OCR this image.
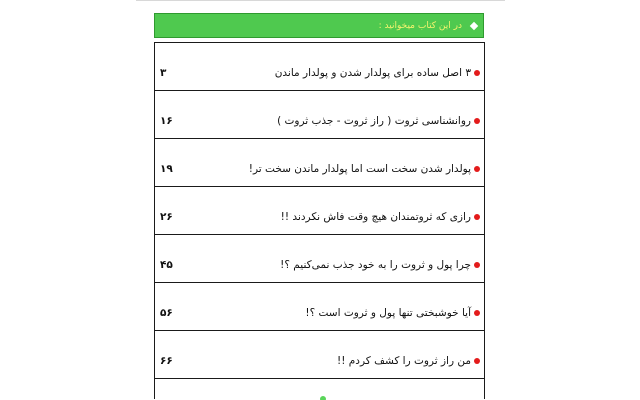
در این کتاب میخوانید :
۳ اصل ساده برای پولدار شدن و پولدار ماندن
۳
روانشناسی ثروت ( راز ثروت - جذب ثروت )
۱۶
پولدار شدن سخت است اما پولدار ماندن سخت تر!
۱۹
رازی که ثروتمندان هیچ وقت فاش نکردند !!
۲۶
چرا پول و ثروت را به خود جذب نمی‌کنیم ؟!
۴۵
آیا خوشبختی تنها پول و ثروت است ؟!
۵۶
من راز ثروت را کشف کردم !!
۶۶
